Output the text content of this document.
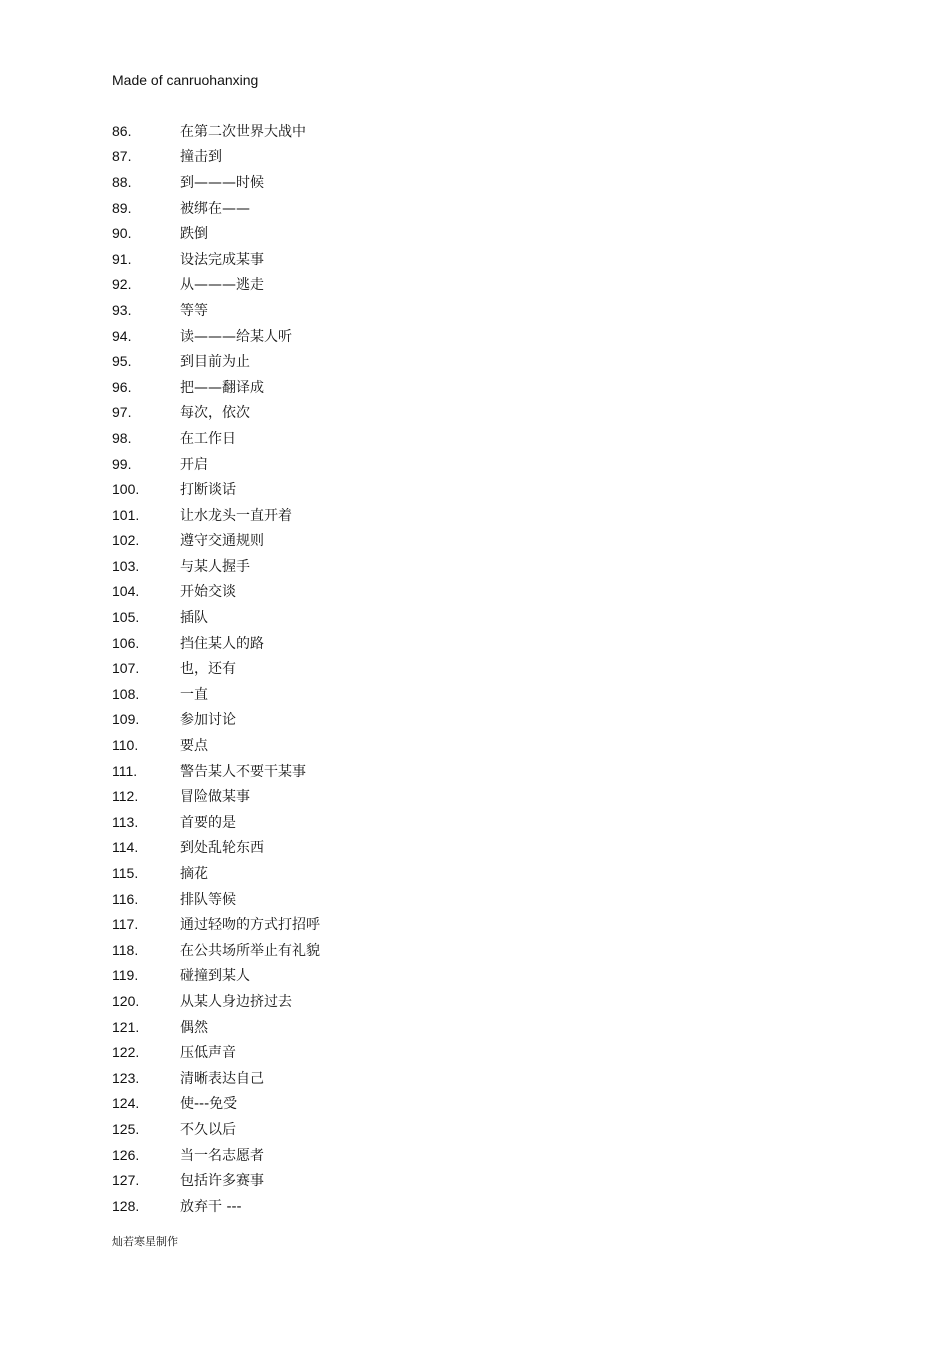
Made of canruohanxing
86.	在第二次世界大战中
87.	撞击到
88.	到———时候
89.	被绑在——
90.	跌倒
91.	设法完成某事
92.	从———逃走
93.	等等
94.	读———给某人听
95.	到目前为止
96.	把——翻译成
97.	每次，依次
98.	在工作日
99.	开启
100.	打断谈话
101.	让水龙头一直开着
102.	遵守交通规则
103.	与某人握手
104.	开始交谈
105.	插队
106.	挡住某人的路
107.	也，还有
108.	一直
109.	参加讨论
110.	要点
111.	警告某人不要干某事
112.	冒险做某事
113.	首要的是
114.	到处乱轮东西
115.	摘花
116.	排队等候
117.	通过轻吻的方式打招呼
118.	在公共场所举止有礼貌
119.	碰撞到某人
120.	从某人身边挤过去
121.	偶然
122.	压低声音
123.	清晰表达自己
124.	使---免受
125.	不久以后
126.	当一名志愿者
127.	包括许多赛事
128.	放弃干 ---
灿若寒星制作
